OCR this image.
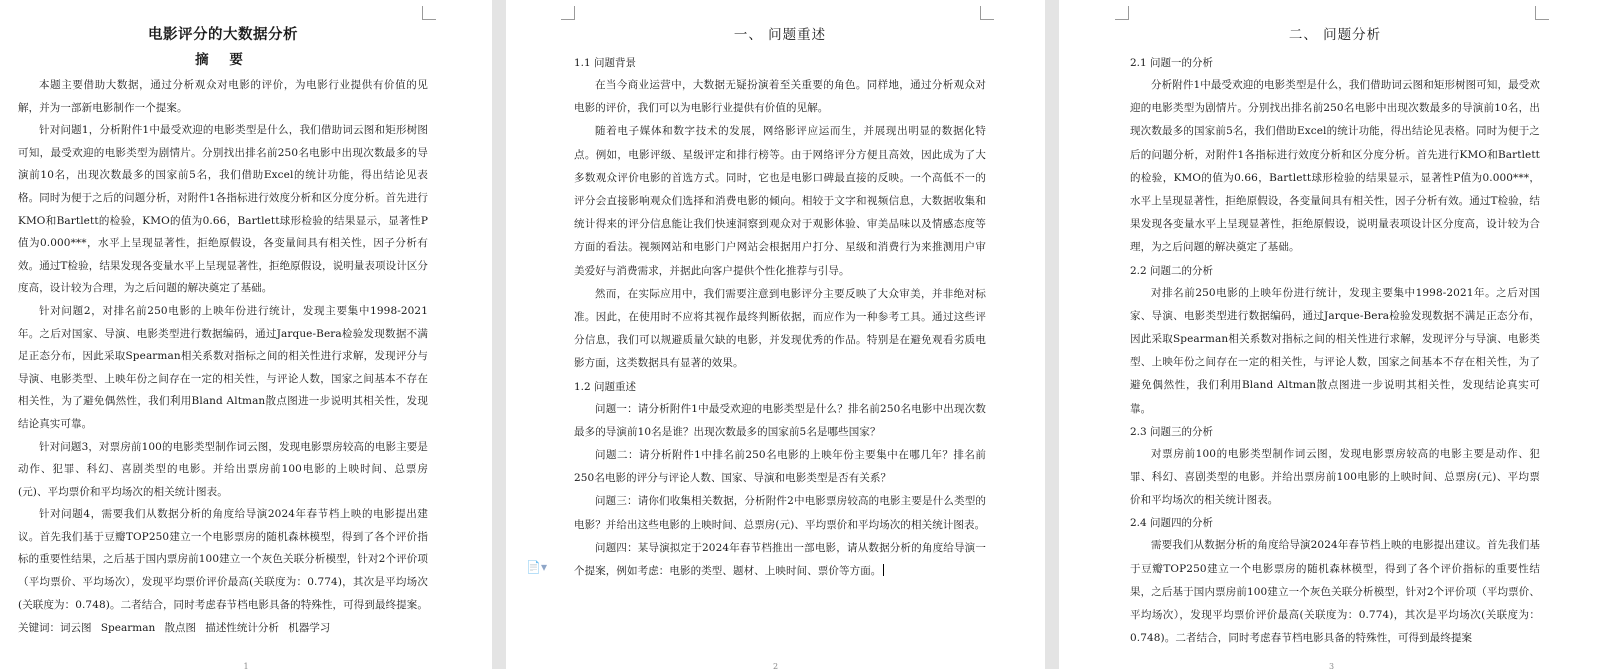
电影评分的大数据分析
摘 要

本题主要借助大数据，通过分析观众对电影的评价，为电影行业提供有价值的见解，并为一部新电影制作一个提案。

针对问题1，分析附件1中最受欢迎的电影类型是什么，我们借助词云图和矩形树图可知，最受欢迎的电影类型为剧情片。分别找出排名前250名电影中出现次数最多的导演前10名，出现次数最多的国家前5名，我们借助Excel的统计功能，得出结论见表格。同时为便于之后的问题分析，对附件1各指标进行效度分析和区分度分析。首先进行KMO和Bartlett的检验，KMO的值为0.66，Bartlett球形检验的结果显示，显著性P值为0.000***，水平上呈现显著性，拒绝原假设，各变量间具有相关性，因子分析有效。通过T检验，结果发现各变量水平上呈现显著性，拒绝原假设，说明量表项设计区分度高，设计较为合理，为之后问题的解决奠定了基础。

针对问题2，对排名前250电影的上映年份进行统计，发现主要集中1998-2021年。之后对国家、导演、电影类型进行数据编码，通过Jarque-Bera检验发现数据不满足正态分布，因此采取Spearman相关系数对指标之间的相关性进行求解，发现评分与导演、电影类型、上映年份之间存在一定的相关性，与评论人数，国家之间基本不存在相关性，为了避免偶然性，我们利用Bland Altman散点图进一步说明其相关性，发现结论真实可靠。

针对问题3，对票房前100的电影类型制作词云图，发现电影票房较高的电影主要是动作、犯罪、科幻、喜剧类型的电影。并给出票房前100电影的上映时间、总票房(元)、平均票价和平均场次的相关统计图表。

针对问题4，需要我们从数据分析的角度给导演2024年春节档上映的电影提出建议。首先我们基于豆瓣TOP250建立一个电影票房的随机森林模型，得到了各个评价指标的重要性结果，之后基于国内票房前100建立一个灰色关联分析模型，针对2个评价项（平均票价、平均场次），发现平均票价评价最高(关联度为：0.774)，其次是平均场次(关联度为：0.748)。二者结合，同时考虑春节档电影具备的特殊性，可得到最终提案。

关键词：词云图 Spearman 散点图 描述性统计分析 机器学习
1
📄▾
一、 问题重述
1.1 问题背景

在当今商业运营中，大数据无疑扮演着至关重要的角色。同样地，通过分析观众对电影的评价，我们可以为电影行业提供有价值的见解。

随着电子媒体和数字技术的发展，网络影评应运而生，并展现出明显的数据化特点。例如，电影评级、星级评定和排行榜等。由于网络评分方便且高效，因此成为了大多数观众评价电影的首选方式。同时，它也是电影口碑最直接的反映。一个高低不一的评分会直接影响观众们选择和消费电影的倾向。相较于文字和视频信息，大数据收集和统计得来的评分信息能让我们快速洞察到观众对于观影体验、审美品味以及情感态度等方面的看法。视频网站和电影门户网站会根据用户打分、星级和消费行为来推测用户审美爱好与消费需求，并据此向客户提供个性化推荐与引导。

然而，在实际应用中，我们需要注意到电影评分主要反映了大众审美，并非绝对标准。因此，在使用时不应将其视作最终判断依据，而应作为一种参考工具。通过这些评分信息，我们可以规避质量欠缺的电影，并发现优秀的作品。特别是在避免观看劣质电影方面，这类数据具有显著的效果。

1.2 问题重述

问题一：请分析附件1中最受欢迎的电影类型是什么？排名前250名电影中出现次数最多的导演前10名是谁？出现次数最多的国家前5名是哪些国家？

问题二：请分析附件1中排名前250名电影的上映年份主要集中在哪几年？排名前250名电影的评分与评论人数、国家、导演和电影类型是否有关系？

问题三：请你们收集相关数据，分析附件2中电影票房较高的电影主要是什么类型的电影？并给出这些电影的上映时间、总票房(元)、平均票价和平均场次的相关统计图表。

问题四：某导演拟定于2024年春节档推出一部电影，请从数据分析的角度给导演一个提案，例如考虑：电影的类型、题材、上映时间、票价等方面。

2
二、 问题分析
2.1 问题一的分析

分析附件1中最受欢迎的电影类型是什么，我们借助词云图和矩形树图可知，最受欢迎的电影类型为剧情片。分别找出排名前250名电影中出现次数最多的导演前10名，出现次数最多的国家前5名，我们借助Excel的统计功能，得出结论见表格。同时为便于之后的问题分析，对附件1各指标进行效度分析和区分度分析。首先进行KMO和Bartlett的检验，KMO的值为0.66，Bartlett球形检验的结果显示，显著性P值为0.000***，水平上呈现显著性，拒绝原假设，各变量间具有相关性，因子分析有效。通过T检验，结果发现各变量水平上呈现显著性，拒绝原假设，说明量表项设计区分度高，设计较为合理，为之后问题的解决奠定了基础。

2.2 问题二的分析

对排名前250电影的上映年份进行统计，发现主要集中1998-2021年。之后对国家、导演、电影类型进行数据编码，通过Jarque-Bera检验发现数据不满足正态分布，因此采取Spearman相关系数对指标之间的相关性进行求解，发现评分与导演、电影类型、上映年份之间存在一定的相关性，与评论人数，国家之间基本不存在相关性，为了避免偶然性，我们利用Bland Altman散点图进一步说明其相关性，发现结论真实可靠。

2.3 问题三的分析

对票房前100的电影类型制作词云图，发现电影票房较高的电影主要是动作、犯罪、科幻、喜剧类型的电影。并给出票房前100电影的上映时间、总票房(元)、平均票价和平均场次的相关统计图表。

2.4 问题四的分析

需要我们从数据分析的角度给导演2024年春节档上映的电影提出建议。首先我们基于豆瓣TOP250建立一个电影票房的随机森林模型，得到了各个评价指标的重要性结果，之后基于国内票房前100建立一个灰色关联分析模型，针对2个评价项（平均票价、平均场次），发现平均票价评价最高(关联度为：0.774)，其次是平均场次(关联度为：0.748)。二者结合，同时考虑春节档电影具备的特殊性，可得到最终提案

3
